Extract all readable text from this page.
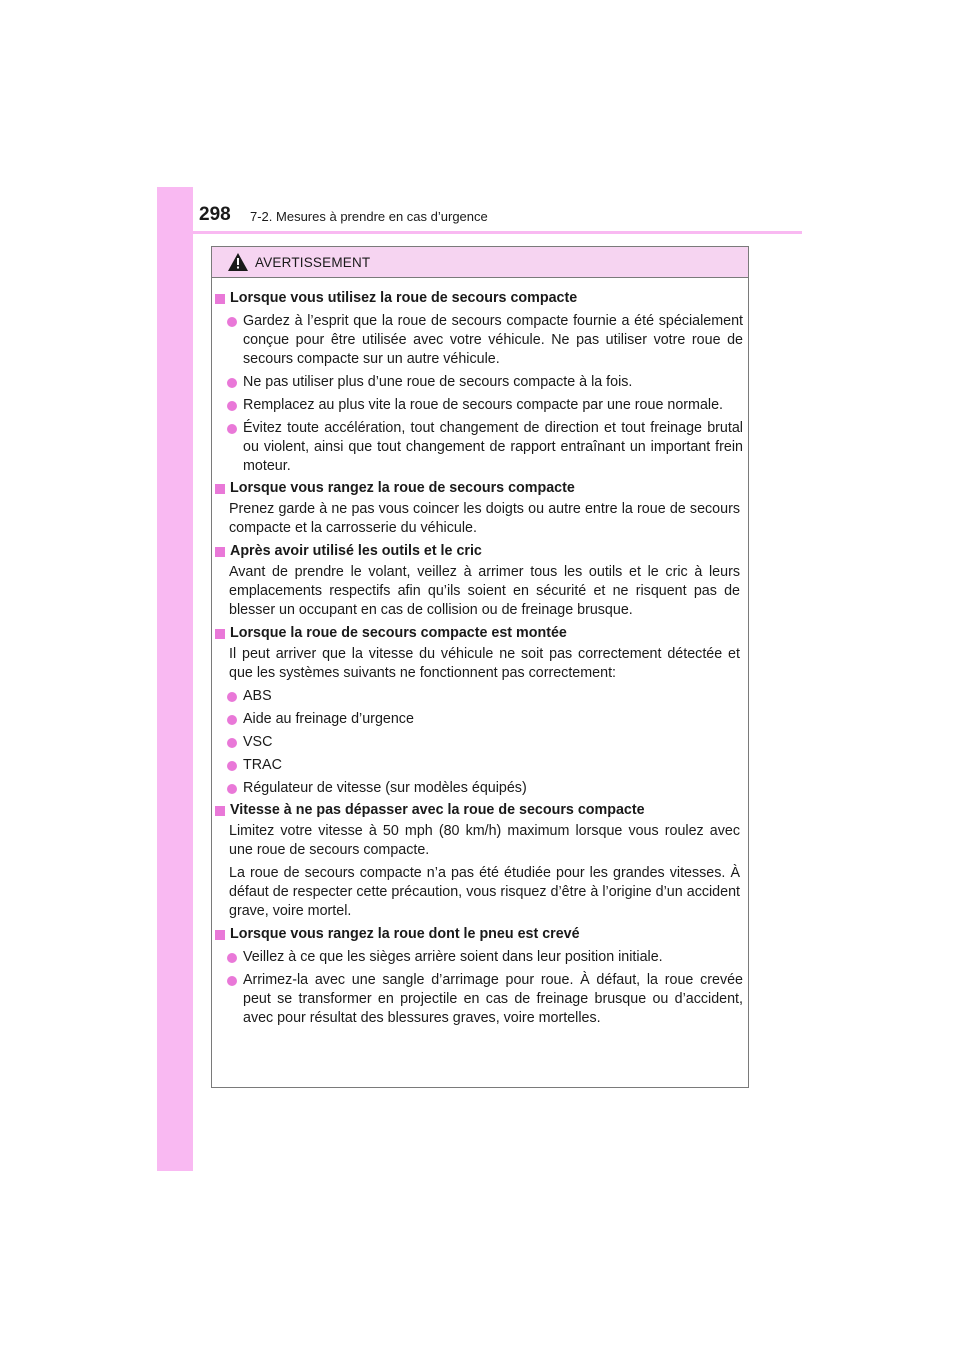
298 7-2. Mesures à prendre en cas d’urgence
AVERTISSEMENT
Lorsque vous utilisez la roue de secours compacte
Gardez à l’esprit que la roue de secours compacte fournie a été spécialement conçue pour être utilisée avec votre véhicule. Ne pas utiliser votre roue de secours compacte sur un autre véhicule.
Ne pas utiliser plus d’une roue de secours compacte à la fois.
Remplacez au plus vite la roue de secours compacte par une roue normale.
Évitez toute accélération, tout changement de direction et tout freinage brutal ou violent, ainsi que tout changement de rapport entraînant un important frein moteur.
Lorsque vous rangez la roue de secours compacte
Prenez garde à ne pas vous coincer les doigts ou autre entre la roue de secours compacte et la carrosserie du véhicule.
Après avoir utilisé les outils et le cric
Avant de prendre le volant, veillez à arrimer tous les outils et le cric à leurs emplacements respectifs afin qu’ils soient en sécurité et ne risquent pas de blesser un occupant en cas de collision ou de freinage brusque.
Lorsque la roue de secours compacte est montée
Il peut arriver que la vitesse du véhicule ne soit pas correctement détectée et que les systèmes suivants ne fonctionnent pas correctement:
ABS
Aide au freinage d’urgence
VSC
TRAC
Régulateur de vitesse (sur modèles équipés)
Vitesse à ne pas dépasser avec la roue de secours compacte
Limitez votre vitesse à 50 mph (80 km/h) maximum lorsque vous roulez avec une roue de secours compacte.
La roue de secours compacte n’a pas été étudiée pour les grandes vitesses. À défaut de respecter cette précaution, vous risquez d’être à l’origine d’un accident grave, voire mortel.
Lorsque vous rangez la roue dont le pneu est crevé
Veillez à ce que les sièges arrière soient dans leur position initiale.
Arrimez-la avec une sangle d’arrimage pour roue. À défaut, la roue crevée peut se transformer en projectile en cas de freinage brusque ou d’accident, avec pour résultat des blessures graves, voire mortelles.
